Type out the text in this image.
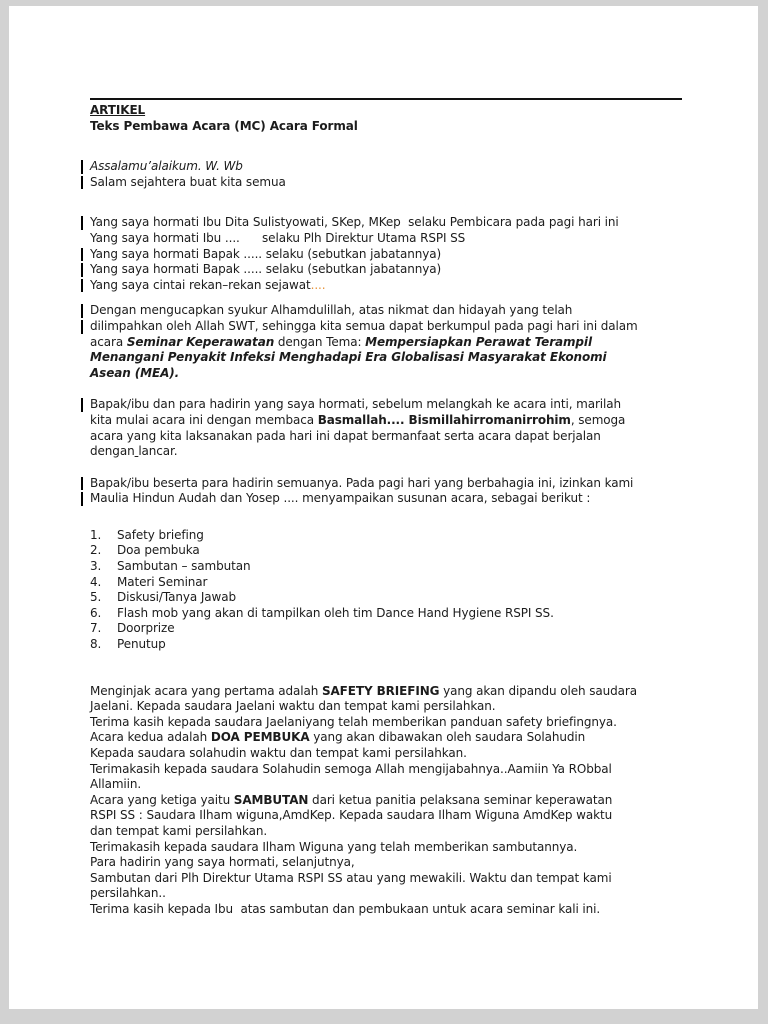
ARTIKEL
Teks Pembawa Acara (MC) Acara Formal
Assalamu’alaikum. W. Wb
Salam sejahtera buat kita semua
Yang saya hormati Ibu Dita Sulistyowati, SKep, MKep  selaku Pembicara pada pagi hari ini
Yang saya hormati Ibu ....      selaku Plh Direktur Utama RSPI SS
Yang saya hormati Bapak ..... selaku (sebutkan jabatannya)
Yang saya hormati Bapak ..... selaku (sebutkan jabatannya)
Yang saya cintai rekan–rekan sejawat....
Dengan mengucapkan syukur Alhamdulillah, atas nikmat dan hidayah yang telah
dilimpahkan oleh Allah SWT, sehingga kita semua dapat berkumpul pada pagi hari ini dalam
acara Seminar Keperawatan dengan Tema: Mempersiapkan Perawat Terampil
Menangani Penyakit Infeksi Menghadapi Era Globalisasi Masyarakat Ekonomi
Asean (MEA).
Bapak/ibu dan para hadirin yang saya hormati, sebelum melangkah ke acara inti, marilah
kita mulai acara ini dengan membaca Basmallah.... Bismillahirromanirrohim, semoga
acara yang kita laksanakan pada hari ini dapat bermanfaat serta acara dapat berjalan
dengan lancar.
Bapak/ibu beserta para hadirin semuanya. Pada pagi hari yang berbahagia ini, izinkan kami
Maulia Hindun Audah dan Yosep .... menyampaikan susunan acara, sebagai berikut :
1.	Safety briefing
2.	Doa pembuka
3.	Sambutan – sambutan
4.	Materi Seminar
5.	Diskusi/Tanya Jawab
6.	Flash mob yang akan di tampilkan oleh tim Dance Hand Hygiene RSPI SS.
7.	Doorprize
8.	Penutup
Menginjak acara yang pertama adalah SAFETY BRIEFING yang akan dipandu oleh saudara
Jaelani. Kepada saudara Jaelani waktu dan tempat kami persilahkan.
Terima kasih kepada saudara Jaelaniyang telah memberikan panduan safety briefingnya.
Acara kedua adalah DOA PEMBUKA yang akan dibawakan oleh saudara Solahudin
Kepada saudara solahudin waktu dan tempat kami persilahkan.
Terimakasih kepada saudara Solahudin semoga Allah mengijabahnya..Aamiin Ya RObbal
Allamiin.
Acara yang ketiga yaitu SAMBUTAN dari ketua panitia pelaksana seminar keperawatan
RSPI SS : Saudara Ilham wiguna,AmdKep. Kepada saudara Ilham Wiguna AmdKep waktu
dan tempat kami persilahkan.
Terimakasih kepada saudara Ilham Wiguna yang telah memberikan sambutannya.
Para hadirin yang saya hormati, selanjutnya,
Sambutan dari Plh Direktur Utama RSPI SS atau yang mewakili. Waktu dan tempat kami
persilahkan..
Terima kasih kepada Ibu  atas sambutan dan pembukaan untuk acara seminar kali ini.
